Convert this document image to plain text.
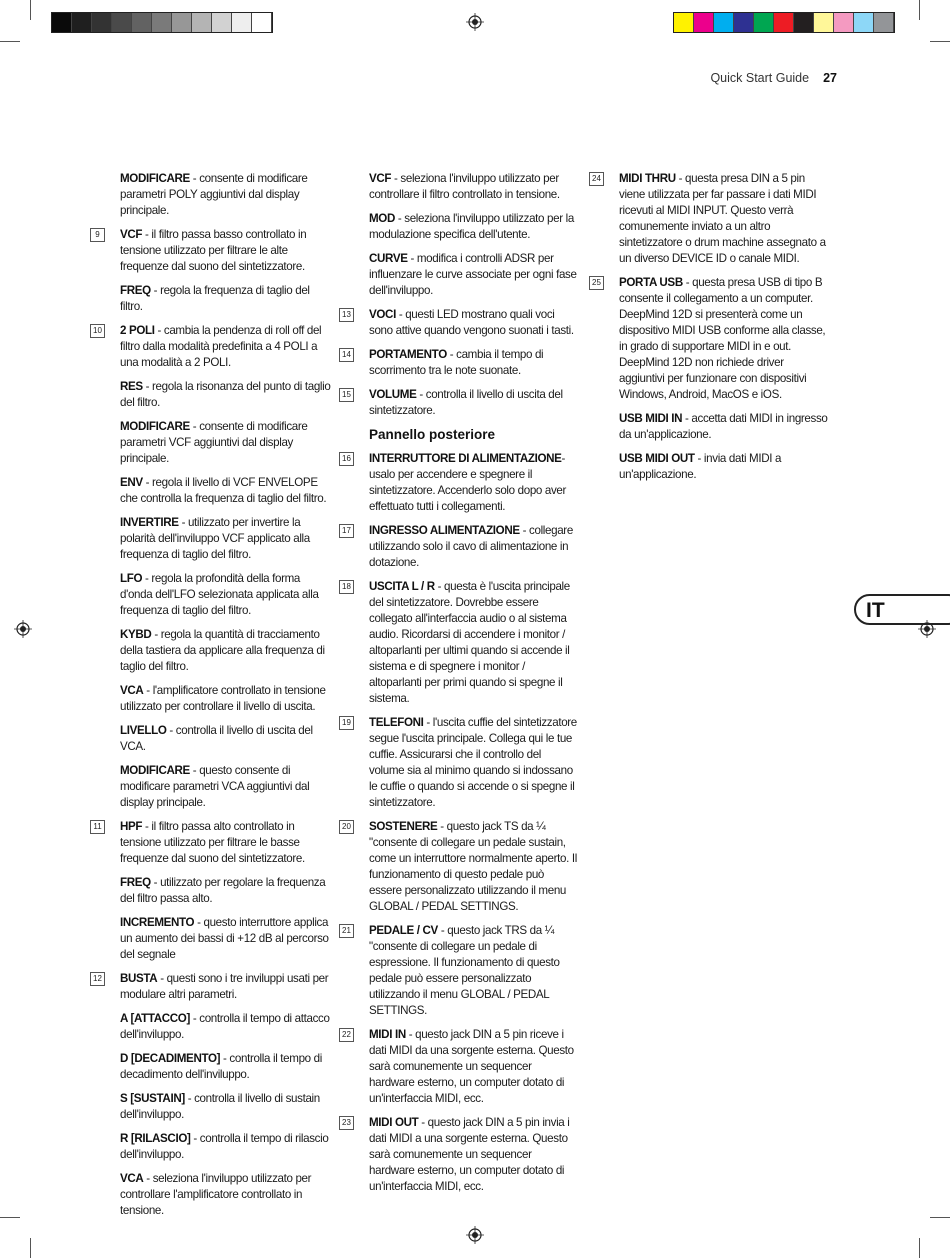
Quick Start Guide 27
IT
MODIFICARE - consente di modificare parametri POLY aggiuntivi dal display principale.
9	VCF - il filtro passa basso controllato in tensione utilizzato per filtrare le alte frequenze dal suono del sintetizzatore.
FREQ - regola la frequenza di taglio del filtro.
10 2 POLI - cambia la pendenza di roll off del filtro dalla modalità predefinita a 4 POLI a una modalità a 2 POLI.
RES - regola la risonanza del punto di taglio del filtro.
MODIFICARE - consente di modificare parametri VCF aggiuntivi dal display principale.
ENV - regola il livello di VCF ENVELOPE che controlla la frequenza di taglio del filtro.
INVERTIRE - utilizzato per invertire la polarità dell'inviluppo VCF applicato alla frequenza di taglio del filtro.
LFO - regola la profondità della forma d'onda dell'LFO selezionata applicata alla frequenza di taglio del filtro.
KYBD - regola la quantità di tracciamento della tastiera da applicare alla frequenza di taglio del filtro.
VCA - l'amplificatore controllato in tensione utilizzato per controllare il livello di uscita.
LIVELLO - controlla il livello di uscita del VCA.
MODIFICARE - questo consente di modificare parametri VCA aggiuntivi dal display principale.
11 HPF - il filtro passa alto controllato in tensione utilizzato per filtrare le basse frequenze dal suono del sintetizzatore.
FREQ - utilizzato per regolare la frequenza del filtro passa alto.
INCREMENTO - questo interruttore applica un aumento dei bassi di +12 dB al percorso del segnale
12 BUSTA - questi sono i tre inviluppi usati per modulare altri parametri.
A [ATTACCO] - controlla il tempo di attacco dell'inviluppo.
D [DECADIMENTO] - controlla il tempo di decadimento dell'inviluppo.
S [SUSTAIN] - controlla il livello di sustain dell'inviluppo.
R [RILASCIO] - controlla il tempo di rilascio dell'inviluppo.
VCA - seleziona l'inviluppo utilizzato per controllare l'amplificatore controllato in tensione.
VCF - seleziona l'inviluppo utilizzato per controllare il filtro controllato in tensione.
MOD - seleziona l'inviluppo utilizzato per la modulazione specifica dell'utente.
CURVE - modifica i controlli ADSR per influenzare le curve associate per ogni fase dell'inviluppo.
13 VOCI - questi LED mostrano quali voci sono attive quando vengono suonati i tasti.
14 PORTAMENTO - cambia il tempo di scorrimento tra le note suonate.
15 VOLUME - controlla il livello di uscita del sintetizzatore.
Pannello posteriore
16 INTERRUTTORE DI ALIMENTAZIONE- usalo per accendere e spegnere il sintetizzatore. Accenderlo solo dopo aver effettuato tutti i collegamenti.
17 INGRESSO ALIMENTAZIONE - collegare utilizzando solo il cavo di alimentazione in dotazione.
18 USCITA L / R - questa è l'uscita principale del sintetizzatore. Dovrebbe essere collegato all'interfaccia audio o al sistema audio. Ricordarsi di accendere i monitor / altoparlanti per ultimi quando si accende il sistema e di spegnere i monitor / altoparlanti per primi quando si spegne il sistema.
19 TELEFONI - l'uscita cuffie del sintetizzatore segue l'uscita principale. Collega qui le tue cuffie. Assicurarsi che il controllo del volume sia al minimo quando si indossano le cuffie o quando si accende o si spegne il sintetizzatore.
20 SOSTENERE - questo jack TS da ¼ "consente di collegare un pedale sustain, come un interruttore normalmente aperto. Il funzionamento di questo pedale può essere personalizzato utilizzando il menu GLOBAL / PEDAL SETTINGS.
21 PEDALE / CV - questo jack TRS da ¼ "consente di collegare un pedale di espressione. Il funzionamento di questo pedale può essere personalizzato utilizzando il menu GLOBAL / PEDAL SETTINGS.
22 MIDI IN - questo jack DIN a 5 pin riceve i dati MIDI da una sorgente esterna. Questo sarà comunemente un sequencer hardware esterno, un computer dotato di un'interfaccia MIDI, ecc.
23 MIDI OUT - questo jack DIN a 5 pin invia i dati MIDI a una sorgente esterna. Questo sarà comunemente un sequencer hardware esterno, un computer dotato di un'interfaccia MIDI, ecc.
24 MIDI THRU - questa presa DIN a 5 pin viene utilizzata per far passare i dati MIDI ricevuti al MIDI INPUT. Questo verrà comunemente inviato a un altro sintetizzatore o drum machine assegnato a un diverso DEVICE ID o canale MIDI.
25 PORTA USB - questa presa USB di tipo B consente il collegamento a un computer. DeepMind 12D si presenterà come un dispositivo MIDI USB conforme alla classe, in grado di supportare MIDI in e out. DeepMind 12D non richiede driver aggiuntivi per funzionare con dispositivi Windows, Android, MacOS e iOS.
USB MIDI IN - accetta dati MIDI in ingresso da un'applicazione.
USB MIDI OUT - invia dati MIDI a un'applicazione.
